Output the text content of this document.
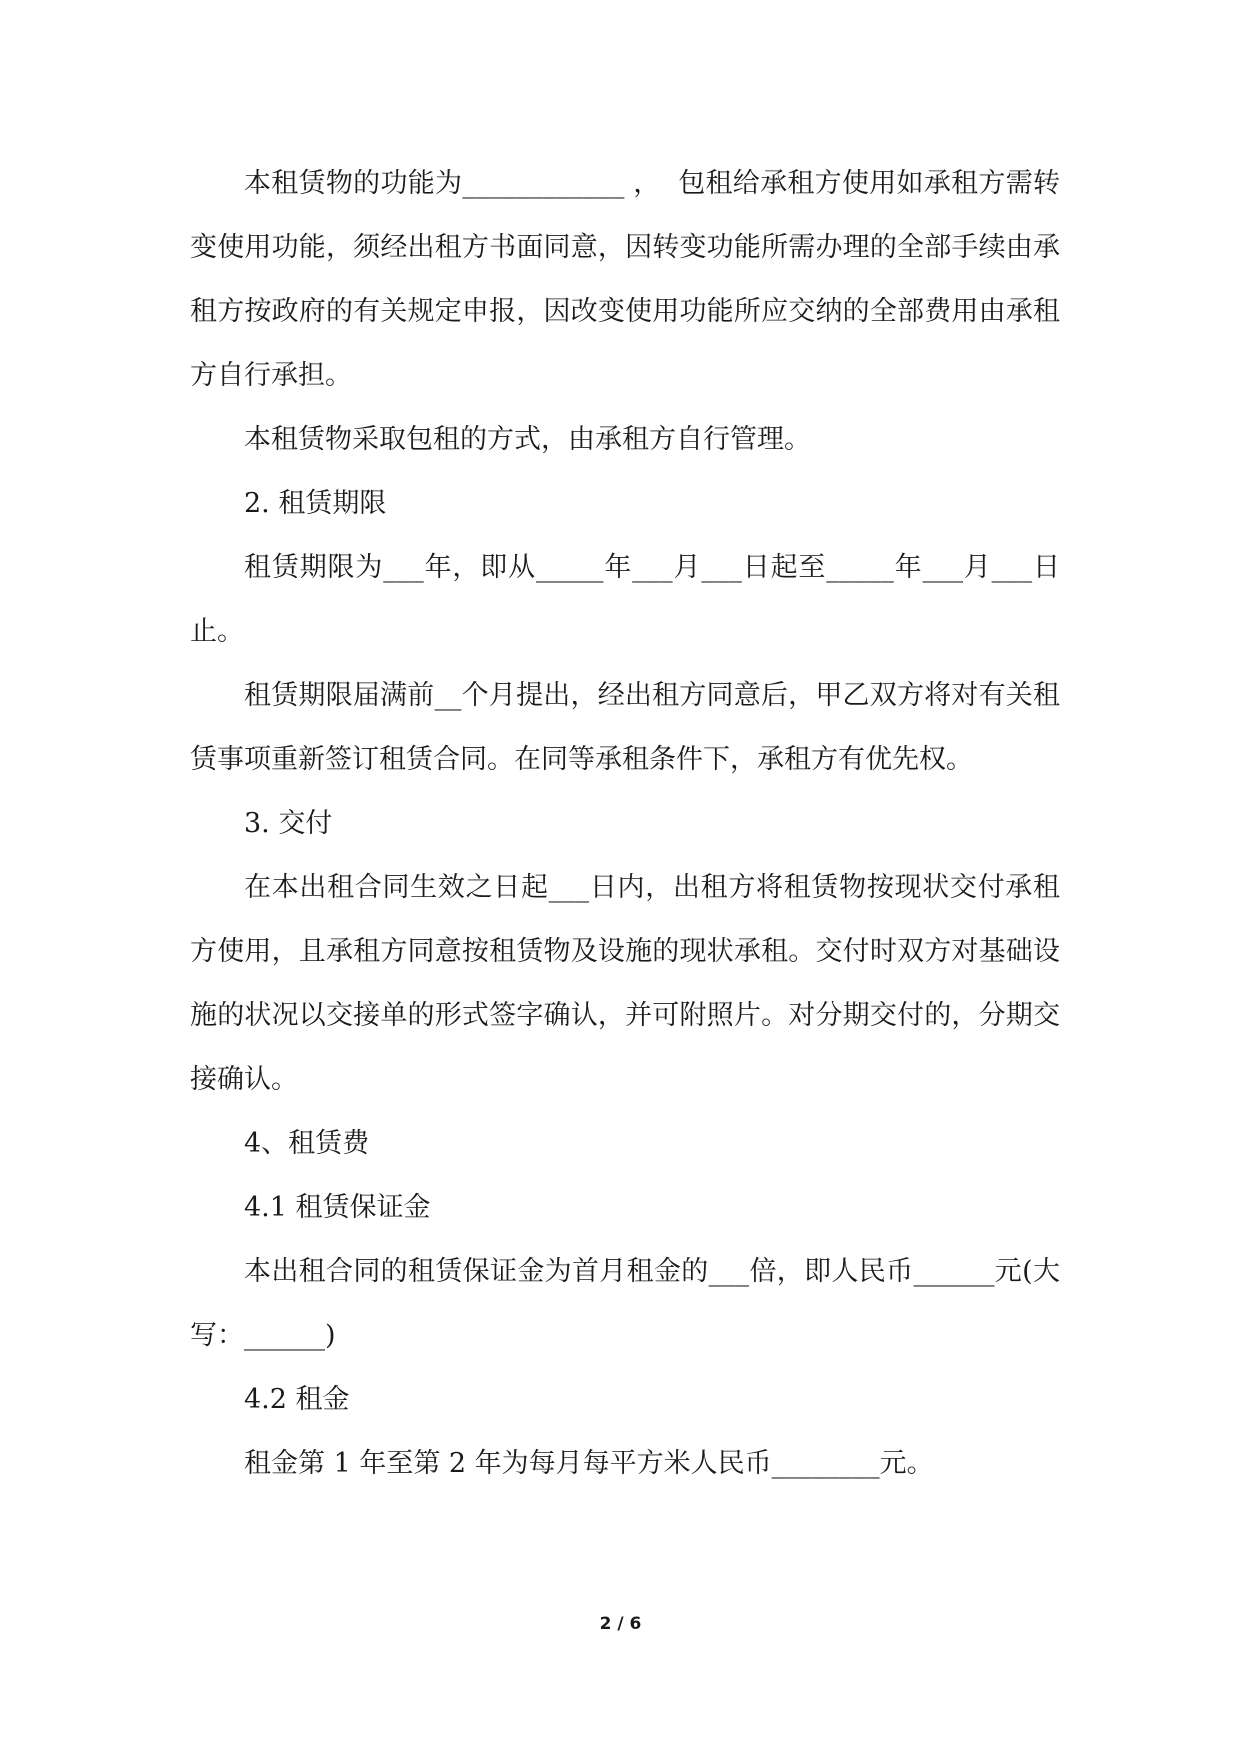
本租赁物的功能为____________ ，  包租给承租方使用如承租方需转变使用功能，须经出租方书面同意，因转变功能所需办理的全部手续由承租方按政府的有关规定申报，因改变使用功能所应交纳的全部费用由承租方自行承担。

本租赁物采取包租的方式，由承租方自行管理。

2. 租赁期限

租赁期限为___年，即从_____年___月___日起至_____年___月___日止。

租赁期限届满前__个月提出，经出租方同意后，甲乙双方将对有关租赁事项重新签订租赁合同。在同等承租条件下，承租方有优先权。

3. 交付

在本出租合同生效之日起___日内，出租方将租赁物按现状交付承租方使用，且承租方同意按租赁物及设施的现状承租。交付时双方对基础设施的状况以交接单的形式签字确认，并可附照片。对分期交付的，分期交接确认。

4、租赁费

4.1 租赁保证金

本出租合同的租赁保证金为首月租金的___倍，即人民币______元(大写：______)

4.2 租金

租金第 1 年至第 2 年为每月每平方米人民币________元。

2 / 6
